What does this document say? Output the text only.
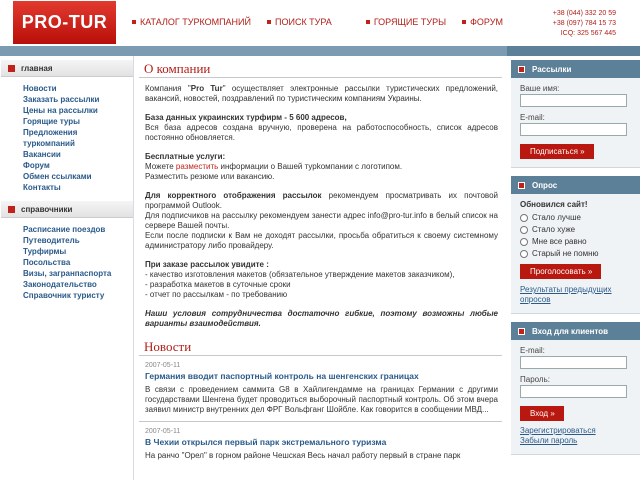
PRO-TUR	КАТАЛОГ ТУРКОМПАНИЙ	ПОИСК ТУРА	ГОРЯЩИЕ ТУРЫ	ФОРУМ
+38 (044) 332 20 59
+38 (097) 784 15 73
ICQ: 325 567 445
главная
Новости
Заказать рассылки
Цены на рассылки
Горящие туры
Предложения
туркомпаний
Вакансии
Форум
Обмен ссылками
Контакты
справочники
Расписание поездов
Путеводитель
Турфирмы
Посольства
Визы, загранпаспорта
Законодательство
Справочник туристу
О компании

Компания "Pro Tur" осуществляет электронные рассылки туристических предложений, вакансий, новостей, поздравлений по туристическим компаниям Украины.

База данных украинских турфирм - 5 600 адресов,
Вся база адресов создана вручную, проверена на работоспособность, список адресов постоянно обновляется.

Бесплатные услуги:
Можете разместить информации о Вашей турkомпании с логотипом.
Разместить резюме или вакансию.

Для корректного отображения рассылок рекомендуем просматривать их почтовой программой Outlook.
Для подписчиков на рассылку рекомендуем занести адрес info@pro-tur.info в белый список на сервере Вашей почты.
Если после подписки к Вам не доходят рассылки, просьба обратиться к своему системному администратору либо провайдеру.

При заказе рассылок увидите :
- качество изготовления макетов (обязательное утверждение макетов заказчиком),
- разработка макетов в суточные сроки
- отчет по рассылкам - по требованию

Наши условия сотрудничества достаточно гибкие, поэтому возможны любые варианты взаимодействия.

Новости
2007-05-11
Германия вводит паспортный контроль на шенгенских границах
В связи с проведением саммита G8 в Хайлигендамме на границах Германии с другими государствами Шенгена будет проводиться выборочный паспортный контроль. Об этом вчера заявил министр внутренних дел ФРГ Вольфганг Шойбле. Как говорится в сообщении МВД...
2007-05-11
В Чехии открылся первый парк экстремального туризма
На ранчо "Орел" в горном районе Чешская Весь начал работу первый в стране парк
Рассылки
Ваше имя:
E-mail:
Подписаться »
Опрос
Обновился сайт!
Стало лучше
Стало хуже
Мне все равно
Старый не помню
Проголосовать »
Результаты предыдущих опросов
Вход для клиентов
E-mail:
Пароль:
Вход »
Зарегистрироваться
Забыли пароль
